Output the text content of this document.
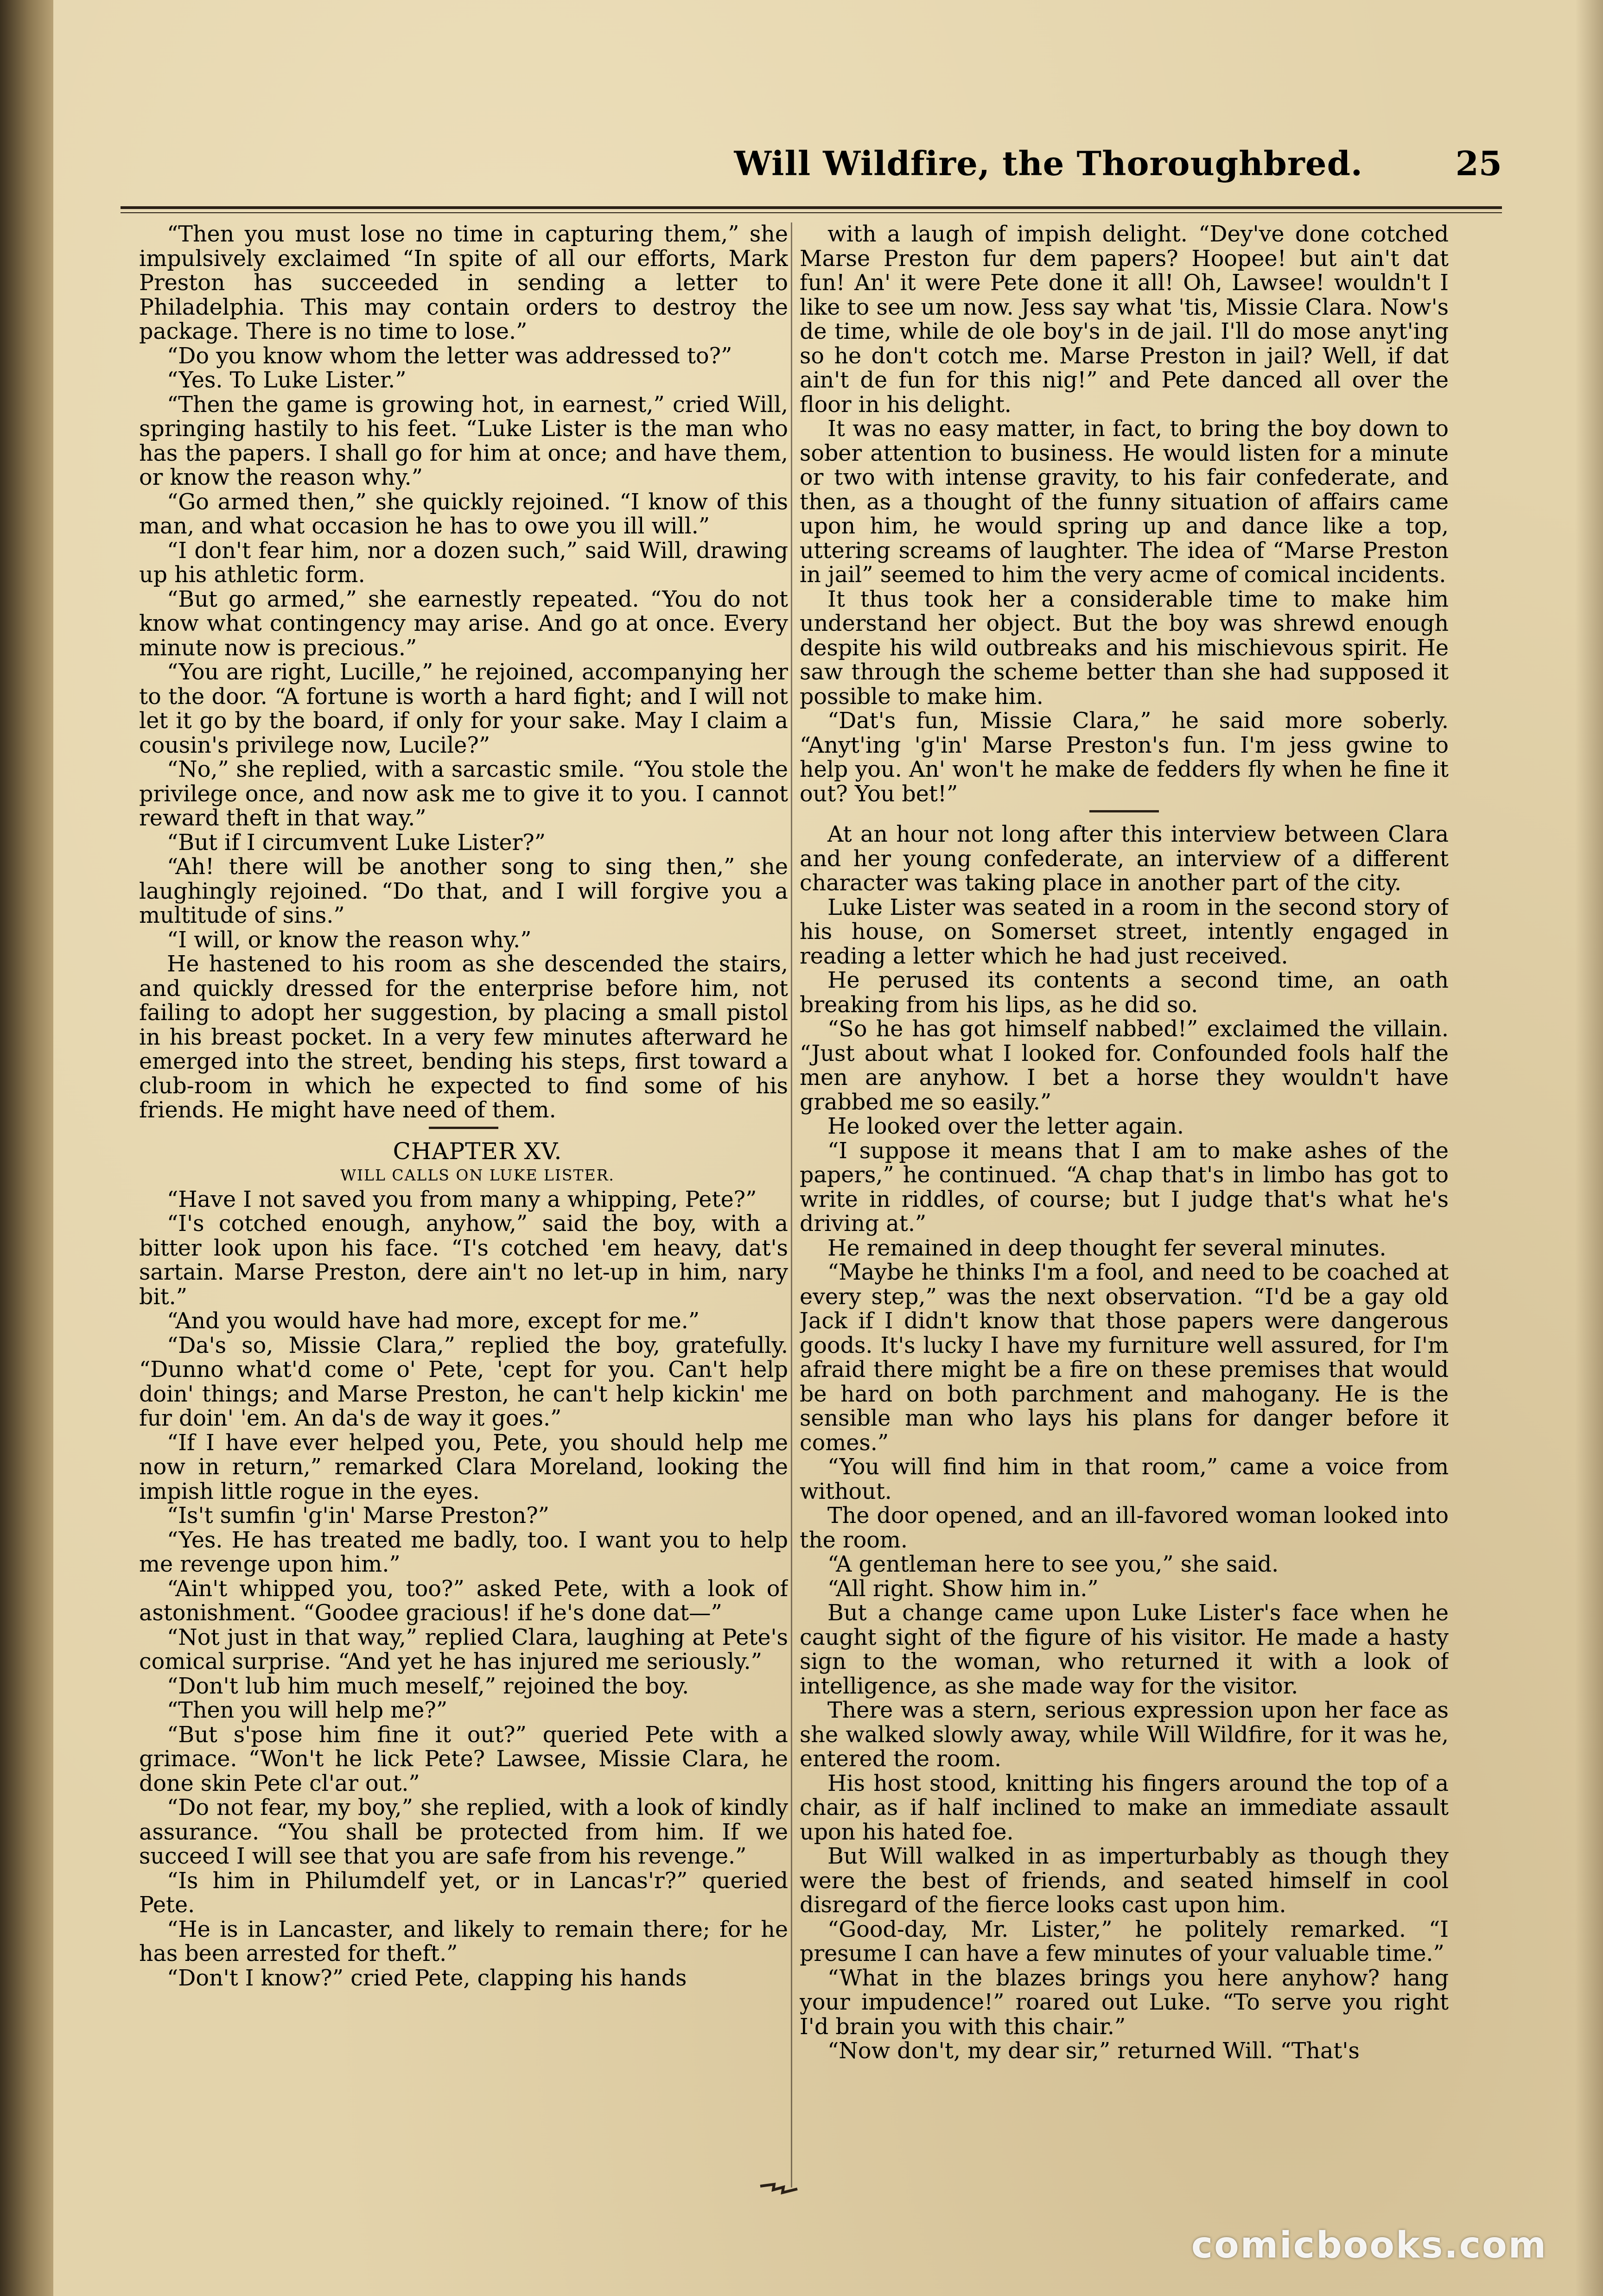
Will Wildfire, the Thoroughbred.	25

“Then you must lose no time in capturing them,” she impulsively exclaimed “In spite of all our efforts, Mark Preston has succeeded in sending a letter to Philadelphia. This may contain orders to destroy the package. There is no time to lose.”

“Do you know whom the letter was addressed to?”

“Yes. To Luke Lister.”

“Then the game is growing hot, in earnest,” cried Will, springing hastily to his feet. “Luke Lister is the man who has the papers. I shall go for him at once; and have them, or know the reason why.”

“Go armed then,” she quickly rejoined. “I know of this man, and what occasion he has to owe you ill will.”

“I don't fear him, nor a dozen such,” said Will, drawing up his athletic form.

“But go armed,” she earnestly repeated. “You do not know what contingency may arise. And go at once. Every minute now is precious.”

“You are right, Lucille,” he rejoined, accompanying her to the door. “A fortune is worth a hard fight; and I will not let it go by the board, if only for your sake. May I claim a cousin's privilege now, Lucile?”

“No,” she replied, with a sarcastic smile. “You stole the privilege once, and now ask me to give it to you. I cannot reward theft in that way.”

“But if I circumvent Luke Lister?”

“Ah! there will be another song to sing then,” she laughingly rejoined. “Do that, and I will forgive you a multitude of sins.”

“I will, or know the reason why.”

He hastened to his room as she descended the stairs, and quickly dressed for the enterprise before him, not failing to adopt her suggestion, by placing a small pistol in his breast pocket. In a very few minutes afterward he emerged into the street, bending his steps, first toward a club-room in which he expected to find some of his friends. He might have need of them.

CHAPTER XV.

WILL CALLS ON LUKE LISTER.

“Have I not saved you from many a whipping, Pete?”

“I's cotched enough, anyhow,” said the boy, with a bitter look upon his face. “I's cotched 'em heavy, dat's sartain. Marse Preston, dere ain't no let-up in him, nary bit.”

“And you would have had more, except for me.”

“Da's so, Missie Clara,” replied the boy, gratefully. “Dunno what'd come o' Pete, 'cept for you. Can't help doin' things; and Marse Preston, he can't help kickin' me fur doin' 'em. An da's de way it goes.”

“If I have ever helped you, Pete, you should help me now in return,” remarked Clara Moreland, looking the impish little rogue in the eyes.

“Is't sumfin 'g'in' Marse Preston?”

“Yes. He has treated me badly, too. I want you to help me revenge upon him.”

“Ain't whipped you, too?” asked Pete, with a look of astonishment. “Goodee gracious! if he's done dat—”

“Not just in that way,” replied Clara, laughing at Pete's comical surprise. “And yet he has injured me seriously.”

“Don't lub him much meself,” rejoined the boy.

“Then you will help me?”

“But s'pose him fine it out?” queried Pete with a grimace. “Won't he lick Pete? Lawsee, Missie Clara, he done skin Pete cl'ar out.”

“Do not fear, my boy,” she replied, with a look of kindly assurance. “You shall be protected from him. If we succeed I will see that you are safe from his revenge.”

“Is him in Philumdelf yet, or in Lancas'r?” queried Pete.

“He is in Lancaster, and likely to remain there; for he has been arrested for theft.”

“Don't I know?” cried Pete, clapping his hands

with a laugh of impish delight. “Dey've done cotched Marse Preston fur dem papers? Hoopee! but ain't dat fun! An' it were Pete done it all! Oh, Lawsee! wouldn't I like to see um now. Jess say what 'tis, Missie Clara. Now's de time, while de ole boy's in de jail. I'll do mose anyt'ing so he don't cotch me. Marse Preston in jail? Well, if dat ain't de fun for this nig!” and Pete danced all over the floor in his delight.

It was no easy matter, in fact, to bring the boy down to sober attention to business. He would listen for a minute or two with intense gravity, to his fair confederate, and then, as a thought of the funny situation of affairs came upon him, he would spring up and dance like a top, uttering screams of laughter. The idea of “Marse Preston in jail” seemed to him the very acme of comical incidents.

It thus took her a considerable time to make him understand her object. But the boy was shrewd enough despite his wild outbreaks and his mischievous spirit. He saw through the scheme better than she had supposed it possible to make him.

“Dat's fun, Missie Clara,” he said more soberly. “Anyt'ing 'g'in' Marse Preston's fun. I'm jess gwine to help you. An' won't he make de fedders fly when he fine it out? You bet!”

At an hour not long after this interview between Clara and her young confederate, an interview of a different character was taking place in another part of the city.

Luke Lister was seated in a room in the second story of his house, on Somerset street, intently engaged in reading a letter which he had just received.

He perused its contents a second time, an oath breaking from his lips, as he did so.

“So he has got himself nabbed!” exclaimed the villain. “Just about what I looked for. Confounded fools half the men are anyhow. I bet a horse they wouldn't have grabbed me so easily.”

He looked over the letter again.

“I suppose it means that I am to make ashes of the papers,” he continued. “A chap that's in limbo has got to write in riddles, of course; but I judge that's what he's driving at.”

He remained in deep thought fer several minutes.

“Maybe he thinks I'm a fool, and need to be coached at every step,” was the next observation. “I'd be a gay old Jack if I didn't know that those papers were dangerous goods. It's lucky I have my furniture well assured, for I'm afraid there might be a fire on these premises that would be hard on both parchment and mahogany. He is the sensible man who lays his plans for danger before it comes.”

“You will find him in that room,” came a voice from without.

The door opened, and an ill-favored woman looked into the room.

“A gentleman here to see you,” she said.

“All right. Show him in.”

But a change came upon Luke Lister's face when he caught sight of the figure of his visitor. He made a hasty sign to the woman, who returned it with a look of intelligence, as she made way for the visitor.

There was a stern, serious expression upon her face as she walked slowly away, while Will Wildfire, for it was he, entered the room.

His host stood, knitting his fingers around the top of a chair, as if half inclined to make an immediate assault upon his hated foe.

But Will walked in as imperturbably as though they were the best of friends, and seated himself in cool disregard of the fierce looks cast upon him.

“Good-day, Mr. Lister,” he politely remarked. “I presume I can have a few minutes of your valuable time.”

“What in the blazes brings you here anyhow? hang your impudence!” roared out Luke. “To serve you right I'd brain you with this chair.”

“Now don't, my dear sir,” returned Will. “That's

comicbooks.com
